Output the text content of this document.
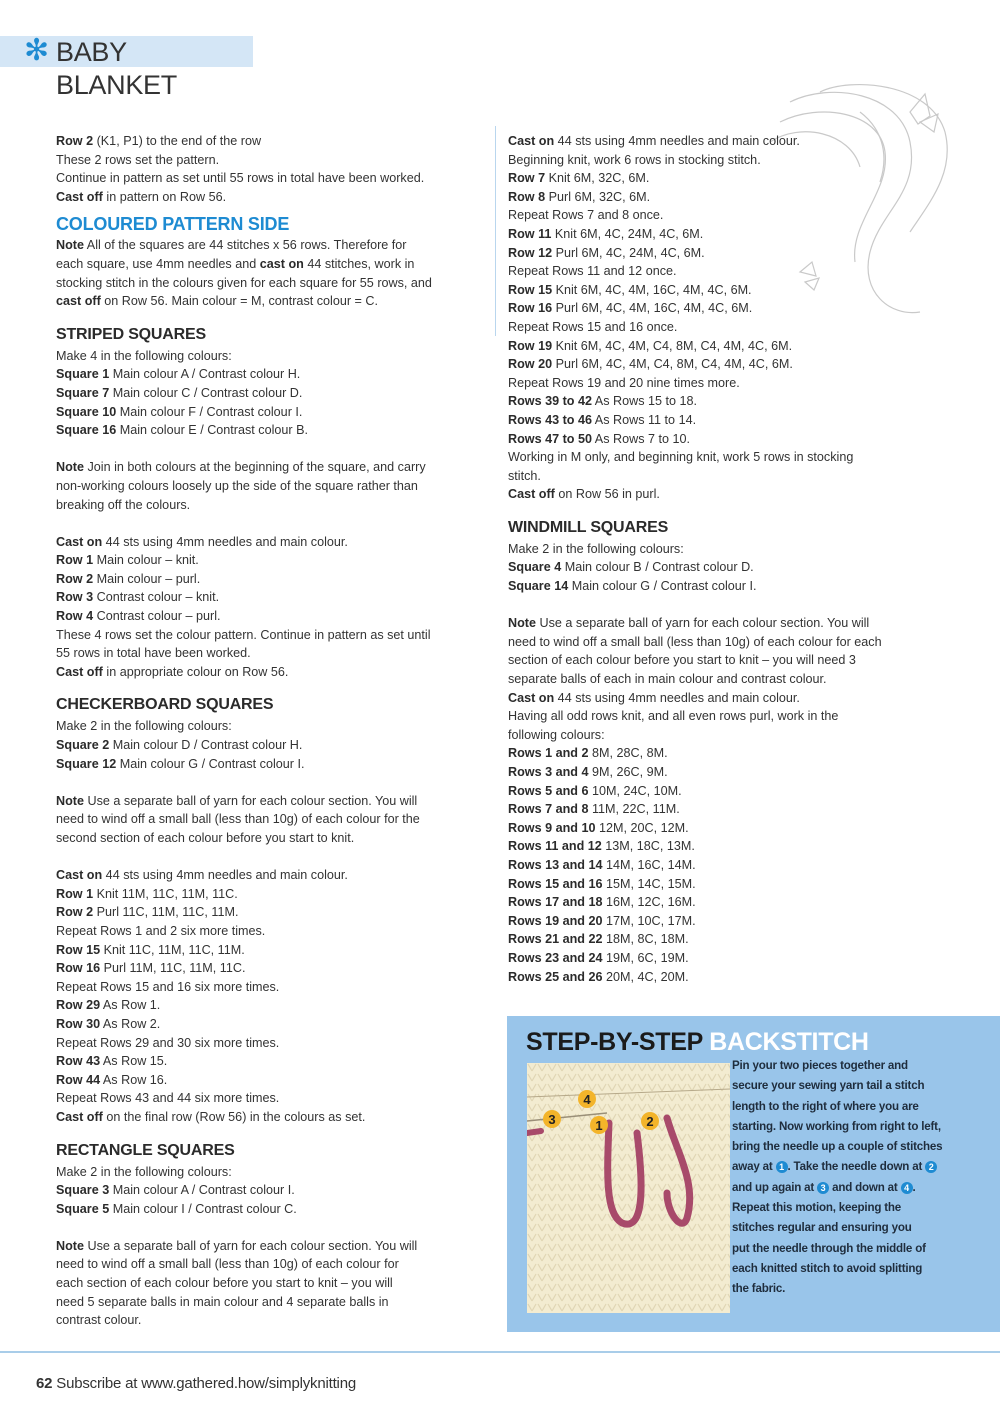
✻ BABY BLANKET

Row 2 (K1, P1) to the end of the row

These 2 rows set the pattern.

Continue in pattern as set until 55 rows in total have been worked.

Cast off in pattern on Row 56.

COLOURED PATTERN SIDE

Note All of the squares are 44 stitches x 56 rows. Therefore for

each square, use 4mm needles and cast on 44 stitches, work in

stocking stitch in the colours given for each square for 55 rows, and

cast off on Row 56. Main colour = M, contrast colour = C.

STRIPED SQUARES

Make 4 in the following colours:

Square 1 Main colour A / Contrast colour H.

Square 7 Main colour C / Contrast colour D.

Square 10 Main colour F / Contrast colour I.

Square 16 Main colour E / Contrast colour B.

Note Join in both colours at the beginning of the square, and carry

non-working colours loosely up the side of the square rather than

breaking off the colours.

Cast on 44 sts using 4mm needles and main colour.

Row 1 Main colour – knit.

Row 2 Main colour – purl.

Row 3 Contrast colour – knit.

Row 4 Contrast colour – purl.

These 4 rows set the colour pattern. Continue in pattern as set until

55 rows in total have been worked.

Cast off in appropriate colour on Row 56.

CHECKERBOARD SQUARES

Make 2 in the following colours:

Square 2 Main colour D / Contrast colour H.

Square 12 Main colour G / Contrast colour I.

Note Use a separate ball of yarn for each colour section. You will

need to wind off a small ball (less than 10g) of each colour for the

second section of each colour before you start to knit.

Cast on 44 sts using 4mm needles and main colour.

Row 1 Knit 11M, 11C, 11M, 11C.

Row 2 Purl 11C, 11M, 11C, 11M.

Repeat Rows 1 and 2 six more times.

Row 15 Knit 11C, 11M, 11C, 11M.

Row 16 Purl 11M, 11C, 11M, 11C.

Repeat Rows 15 and 16 six more times.

Row 29 As Row 1.

Row 30 As Row 2.

Repeat Rows 29 and 30 six more times.

Row 43 As Row 15.

Row 44 As Row 16.

Repeat Rows 43 and 44 six more times.

Cast off on the final row (Row 56) in the colours as set.

RECTANGLE SQUARES

Make 2 in the following colours:

Square 3 Main colour A / Contrast colour I.

Square 5 Main colour I / Contrast colour C.

Note Use a separate ball of yarn for each colour section. You will

need to wind off a small ball (less than 10g) of each colour for

each section of each colour before you start to knit – you will

need 5 separate balls in main colour and 4 separate balls in

contrast colour.

Cast on 44 sts using 4mm needles and main colour.

Beginning knit, work 6 rows in stocking stitch.

Row 7 Knit 6M, 32C, 6M.

Row 8 Purl 6M, 32C, 6M.

Repeat Rows 7 and 8 once.

Row 11 Knit 6M, 4C, 24M, 4C, 6M.

Row 12 Purl 6M, 4C, 24M, 4C, 6M.

Repeat Rows 11 and 12 once.

Row 15 Knit 6M, 4C, 4M, 16C, 4M, 4C, 6M.

Row 16 Purl 6M, 4C, 4M, 16C, 4M, 4C, 6M.

Repeat Rows 15 and 16 once.

Row 19 Knit 6M, 4C, 4M, C4, 8M, C4, 4M, 4C, 6M.

Row 20 Purl 6M, 4C, 4M, C4, 8M, C4, 4M, 4C, 6M.

Repeat Rows 19 and 20 nine times more.

Rows 39 to 42 As Rows 15 to 18.

Rows 43 to 46 As Rows 11 to 14.

Rows 47 to 50 As Rows 7 to 10.

Working in M only, and beginning knit, work 5 rows in stocking

stitch.

Cast off on Row 56 in purl.

WINDMILL SQUARES

Make 2 in the following colours:

Square 4 Main colour B / Contrast colour D.

Square 14 Main colour G / Contrast colour I.

Note Use a separate ball of yarn for each colour section. You will

need to wind off a small ball (less than 10g) of each colour for each

section of each colour before you start to knit – you will need 3

separate balls of each in main colour and contrast colour.

Cast on 44 sts using 4mm needles and main colour.

Having all odd rows knit, and all even rows purl, work in the

following colours:

Rows 1 and 2 8M, 28C, 8M.

Rows 3 and 4 9M, 26C, 9M.

Rows 5 and 6 10M, 24C, 10M.

Rows 7 and 8 11M, 22C, 11M.

Rows 9 and 10 12M, 20C, 12M.

Rows 11 and 12 13M, 18C, 13M.

Rows 13 and 14 14M, 16C, 14M.

Rows 15 and 16 15M, 14C, 15M.

Rows 17 and 18 16M, 12C, 16M.

Rows 19 and 20 17M, 10C, 17M.

Rows 21 and 22 18M, 8C, 18M.

Rows 23 and 24 19M, 6C, 19M.

Rows 25 and 26 20M, 4C, 20M.

STEP-BY-STEP BACKSTITCH
4
3	1	2
Pin your two pieces together and
secure your sewing yarn tail a stitch
length to the right of where you are
starting. Now working from right to left,
bring the needle up a couple of stitches
away at 1 . Take the needle down at 2
and up again at 3 and down at 4 .
Repeat this motion, keeping the
stitches regular and ensuring you
put the needle through the middle of
each knitted stitch to avoid splitting
the fabric.
62 Subscribe at www.gathered.how/simplyknitting
